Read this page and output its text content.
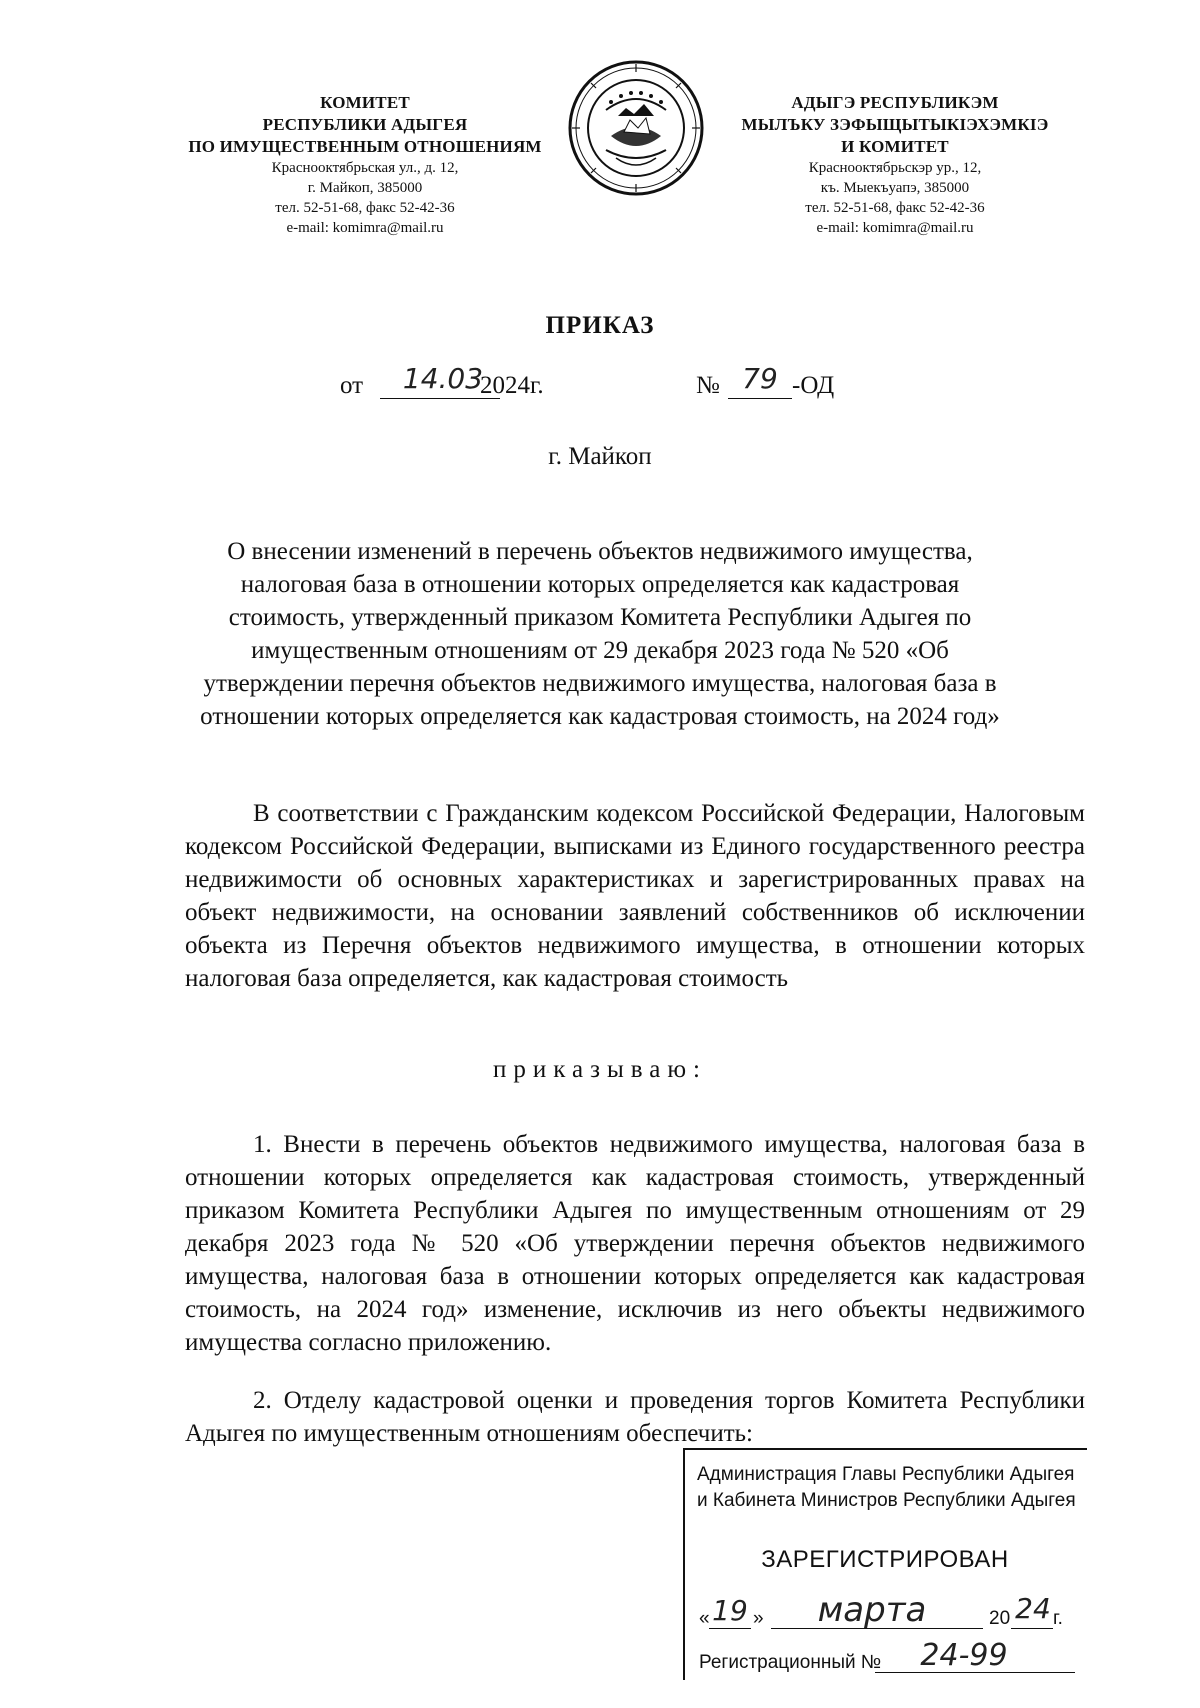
КОМИТЕТ
РЕСПУБЛИКИ АДЫГЕЯ
ПО ИМУЩЕСТВЕННЫМ ОТНОШЕНИЯМ
Краснооктябрьская ул., д. 12,
г. Майкоп, 385000
тел. 52-51-68, факс 52-42-36
e-mail: komimra@mail.ru
АДЫГЭ РЕСПУБЛИКЭМ
МЫЛЪКУ ЗЭФЫЩЫТЫКІЭХЭМКІЭ
И КОМИТЕТ
Краснооктябрьскэр ур., 12,
къ. Мыекъуапэ, 385000
тел. 52-51-68, факс 52-42-36
e-mail: komimra@mail.ru
ПРИКАЗ
от	14.03
2024г.	№ 79 -ОД
г. Майкоп
О внесении изменений в перечень объектов недвижимого имущества, налоговая база в отношении которых определяется как кадастровая стоимость, утвержденный приказом Комитета Республики Адыгея по имущественным отношениям от 29 декабря 2023 года № 520 «Об утверждении перечня объектов недвижимого имущества, налоговая база в отношении которых определяется как кадастровая стоимость, на 2024 год»
В соответствии с Гражданским кодексом Российской Федерации, Налоговым кодексом Российской Федерации, выписками из Единого государственного реестра недвижимости об основных характеристиках и зарегистрированных правах на объект недвижимости, на основании заявлений собственников об исключении объекта из Перечня объектов недвижимого имущества, в отношении которых налоговая база определяется, как кадастровая стоимость
приказываю:
1. Внести в перечень объектов недвижимого имущества, налоговая база в отношении которых определяется как кадастровая стоимость, утвержденный приказом Комитета Республики Адыгея по имущественным отношениям от 29 декабря 2023 года № 520 «Об утверждении перечня объектов недвижимого имущества, налоговая база в отношении которых определяется как кадастровая стоимость, на 2024 год» изменение, исключив из него объекты недвижимого имущества согласно приложению.
2. Отделу кадастровой оценки и проведения торгов Комитета Республики Адыгея по имущественным отношениям обеспечить:
Администрация Главы Республики Адыгея
и Кабинета Министров Республики Адыгея
ЗАРЕГИСТРИРОВАН
« 19 »	марта	20 24 г.
Регистрационный №	24-99
